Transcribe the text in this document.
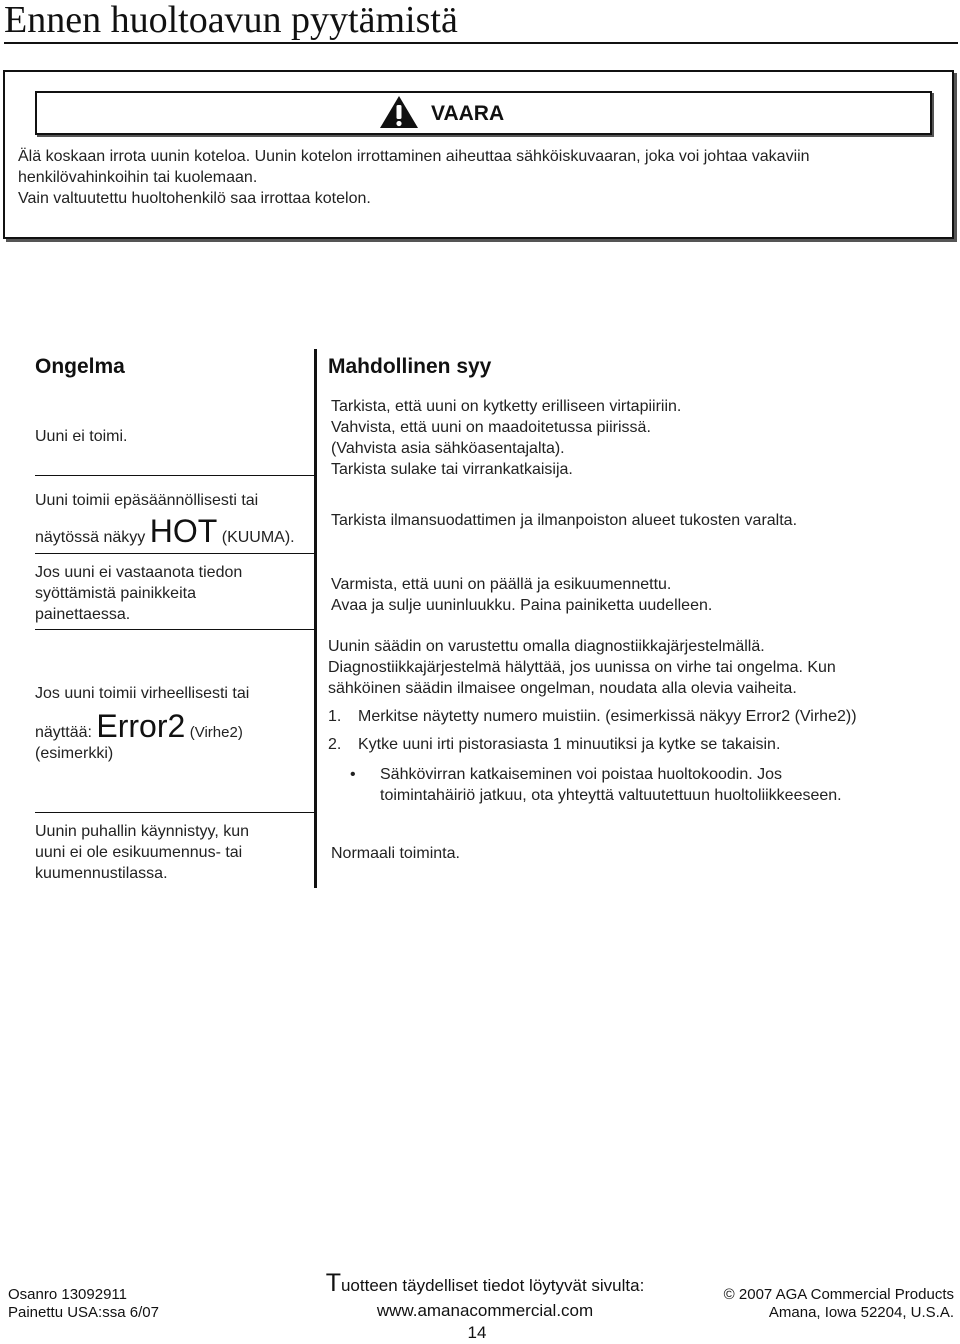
Ennen huoltoavun pyytämistä
VAARA
Älä koskaan irrota uunin koteloa. Uunin kotelon irrottaminen aiheuttaa sähköiskuvaaran, joka voi johtaa vakaviin
henkilövahinkoihin tai kuolemaan.
Vain valtuutettu huoltohenkilö saa irrottaa kotelon.
Ongelma	Mahdollinen syy
Uuni ei toimi.
Tarkista, että uuni on kytketty erilliseen virtapiiriin.
Vahvista, että uuni on maadoitetussa piirissä.
(Vahvista asia sähköasentajalta).
Tarkista sulake tai virrankatkaisija.
Uuni toimii epäsäännöllisesti tai
näytössä näkyy HOT (KUUMA).
Tarkista ilmansuodattimen ja ilmanpoiston alueet tukosten varalta.
Jos uuni ei vastaanota tiedon
syöttämistä painikkeita
painettaessa.
Varmista, että uuni on päällä ja esikuumennettu.
Avaa ja sulje uuninluukku. Paina painiketta uudelleen.
Jos uuni toimii virheellisesti tai
näyttää: Error2 (Virhe2)
(esimerkki)
Uunin säädin on varustettu omalla diagnostiikkajärjestelmällä.
Diagnostiikkajärjestelmä hälyttää, jos uunissa on virhe tai ongelma. Kun
sähköinen säädin ilmaisee ongelman, noudata alla olevia vaiheita.
1. Merkitse näytetty numero muistiin. (esimerkissä näkyy Error2 (Virhe2))
2. Kytke uuni irti pistorasiasta 1 minuutiksi ja kytke se takaisin.
• Sähkövirran katkaiseminen voi poistaa huoltokoodin. Jos
toimintahäiriö jatkuu, ota yhteyttä valtuutettuun huoltoliikkeeseen.
Uunin puhallin käynnistyy, kun
uuni ei ole esikuumennus- tai
kuumennustilassa.
Normaali toiminta.
Osanro 13092911
Painettu USA:ssa 6/07
Tuotteen täydelliset tiedot löytyvät sivulta:
www.amanacommercial.com
14
© 2007 AGA Commercial Products
Amana, Iowa 52204, U.S.A.
